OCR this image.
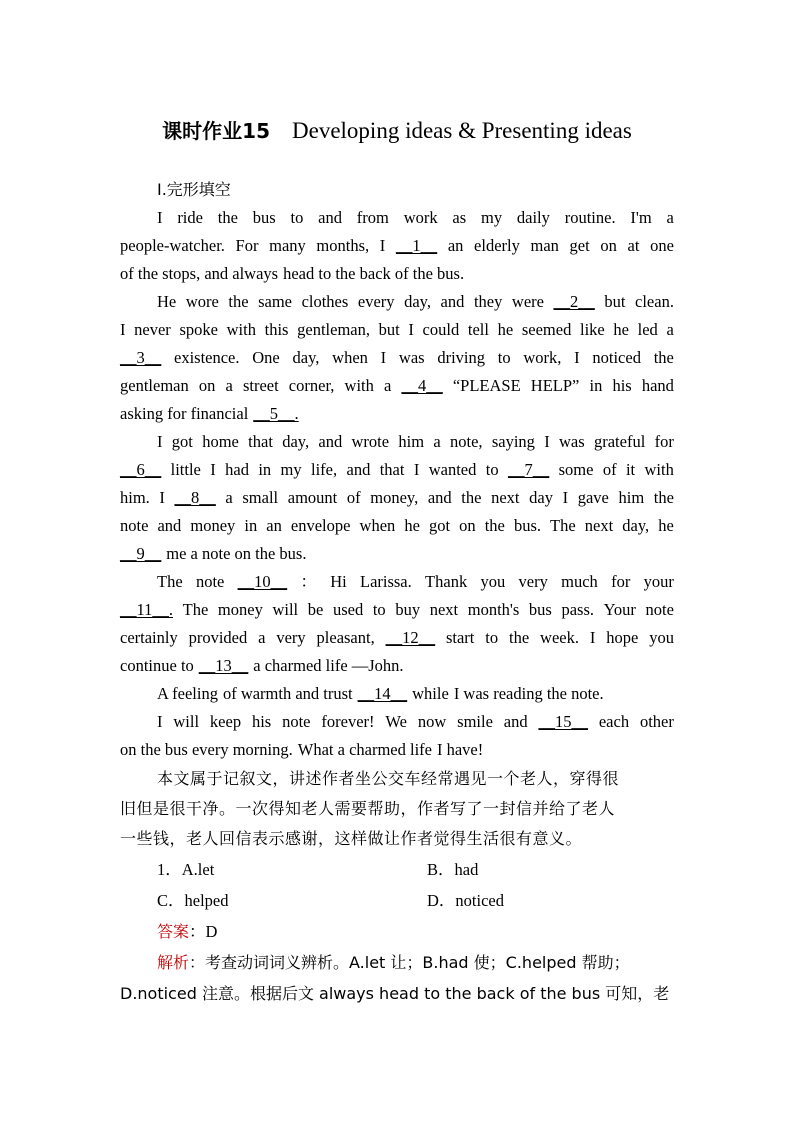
课时作业15 Developing ideas & Presenting ideas
Ⅰ.完形填空
I ride the bus to and from work as my daily routine. I'm a
people-watcher. For many months, I __1__ an elderly man get on at one
of the stops, and always head to the back of the bus.
He wore the same clothes every day, and they were __2__ but clean.
I never spoke with this gentleman, but I could tell he seemed like he led a
__3__ existence. One day, when I was driving to work, I noticed the
gentleman on a street corner, with a __4__ “PLEASE HELP” in his hand
asking for financial __5__.
I got home that day, and wrote him a note, saying I was grateful for
__6__ little I had in my life, and that I wanted to __7__ some of it with
him. I __8__ a small amount of money, and the next day I gave him the
note and money in an envelope when he got on the bus. The next day, he
__9__ me a note on the bus.
The note __10__ ： Hi Larissa. Thank you very much for your
__11__. The money will be used to buy next month's bus pass. Your note
certainly provided a very pleasant, __12__ start to the week. I hope you
continue to __13__ a charmed life —John.
A feeling of warmth and trust __14__ while I was reading the note.
I will keep his note forever! We now smile and __15__ each other
on the bus every morning. What a charmed life I have!
本文属于记叙文，讲述作者坐公交车经常遇见一个老人，穿得很
旧但是很干净。一次得知老人需要帮助，作者写了一封信并给了老人
一些钱，老人回信表示感谢，这样做让作者觉得生活很有意义。
1．A.let	B．had
C．helped	D．noticed
答案：D
解析 ：考查动词词义辨析。A.let 让；B.had 使；C.helped 帮助；
D.noticed 注意。根据后文 always head to the back of the bus 可知，老
